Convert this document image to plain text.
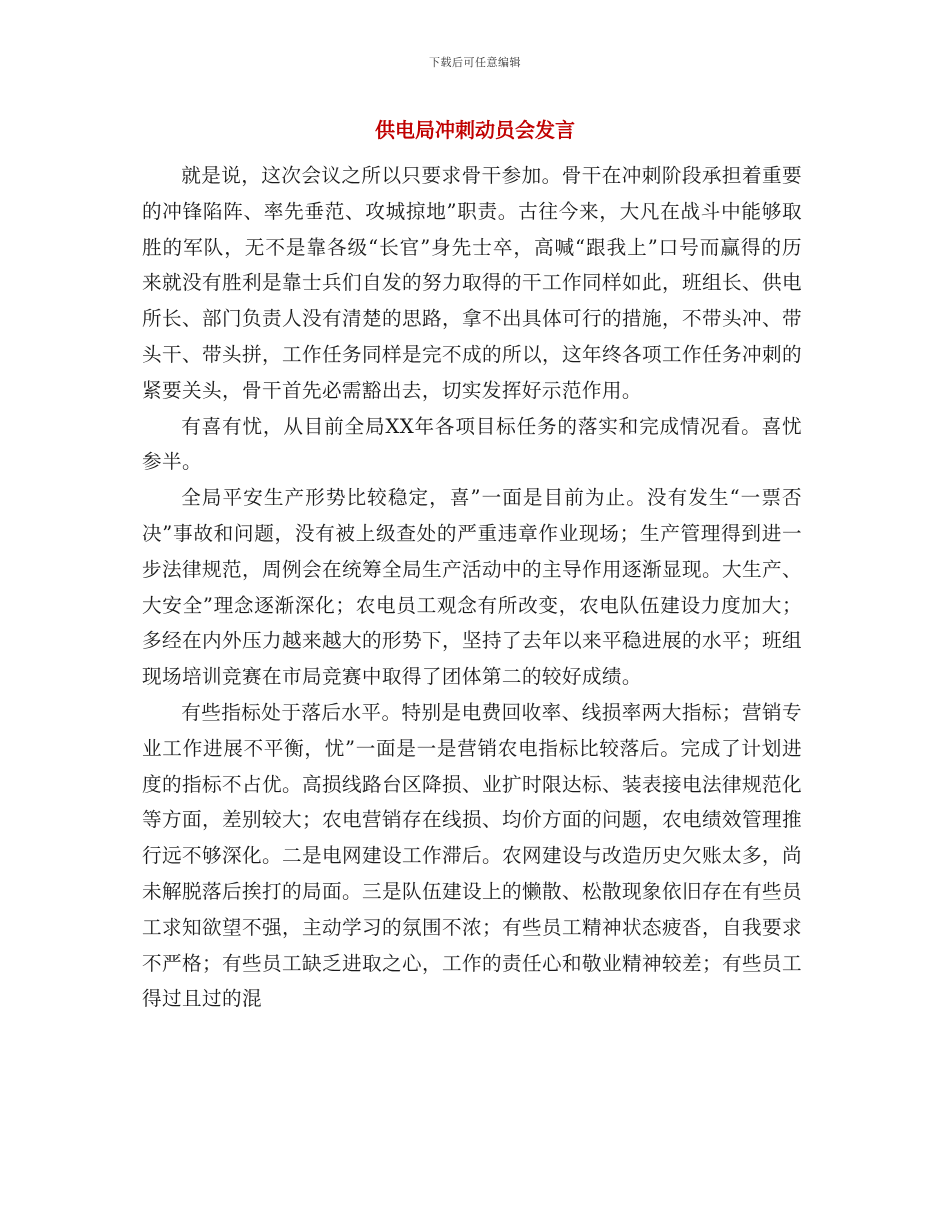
下载后可任意编辑
供电局冲刺动员会发言

就是说，这次会议之所以只要求骨干参加。骨干在冲刺阶段承担着重要的冲锋陷阵、率先垂范、攻城掠地”职责。古往今来，大凡在战斗中能够取胜的军队，无不是靠各级“长官”身先士卒，高喊“跟我上”口号而赢得的历来就没有胜利是靠士兵们自发的努力取得的干工作同样如此，班组长、供电所长、部门负责人没有清楚的思路，拿不出具体可行的措施，不带头冲、带头干、带头拼，工作任务同样是完不成的所以，这年终各项工作任务冲刺的紧要关头，骨干首先必需豁出去，切实发挥好示范作用。

有喜有忧，从目前全局XX年各项目标任务的落实和完成情况看。喜忧参半。

全局平安生产形势比较稳定，喜”一面是目前为止。没有发生“一票否决”事故和问题，没有被上级查处的严重违章作业现场；生产管理得到进一步法律规范，周例会在统筹全局生产活动中的主导作用逐渐显现。大生产、大安全”理念逐渐深化；农电员工观念有所改变，农电队伍建设力度加大；多经在内外压力越来越大的形势下，坚持了去年以来平稳进展的水平；班组现场培训竞赛在市局竞赛中取得了团体第二的较好成绩。

有些指标处于落后水平。特别是电费回收率、线损率两大指标；营销专业工作进展不平衡，忧”一面是一是营销农电指标比较落后。完成了计划进度的指标不占优。高损线路台区降损、业扩时限达标、装表接电法律规范化等方面，差别较大；农电营销存在线损、均价方面的问题，农电绩效管理推行远不够深化。二是电网建设工作滞后。农网建设与改造历史欠账太多，尚未解脱落后挨打的局面。三是队伍建设上的懒散、松散现象依旧存在有些员工求知欲望不强，主动学习的氛围不浓；有些员工精神状态疲沓，自我要求不严格；有些员工缺乏进取之心，工作的责任心和敬业精神较差；有些员工得过且过的混
